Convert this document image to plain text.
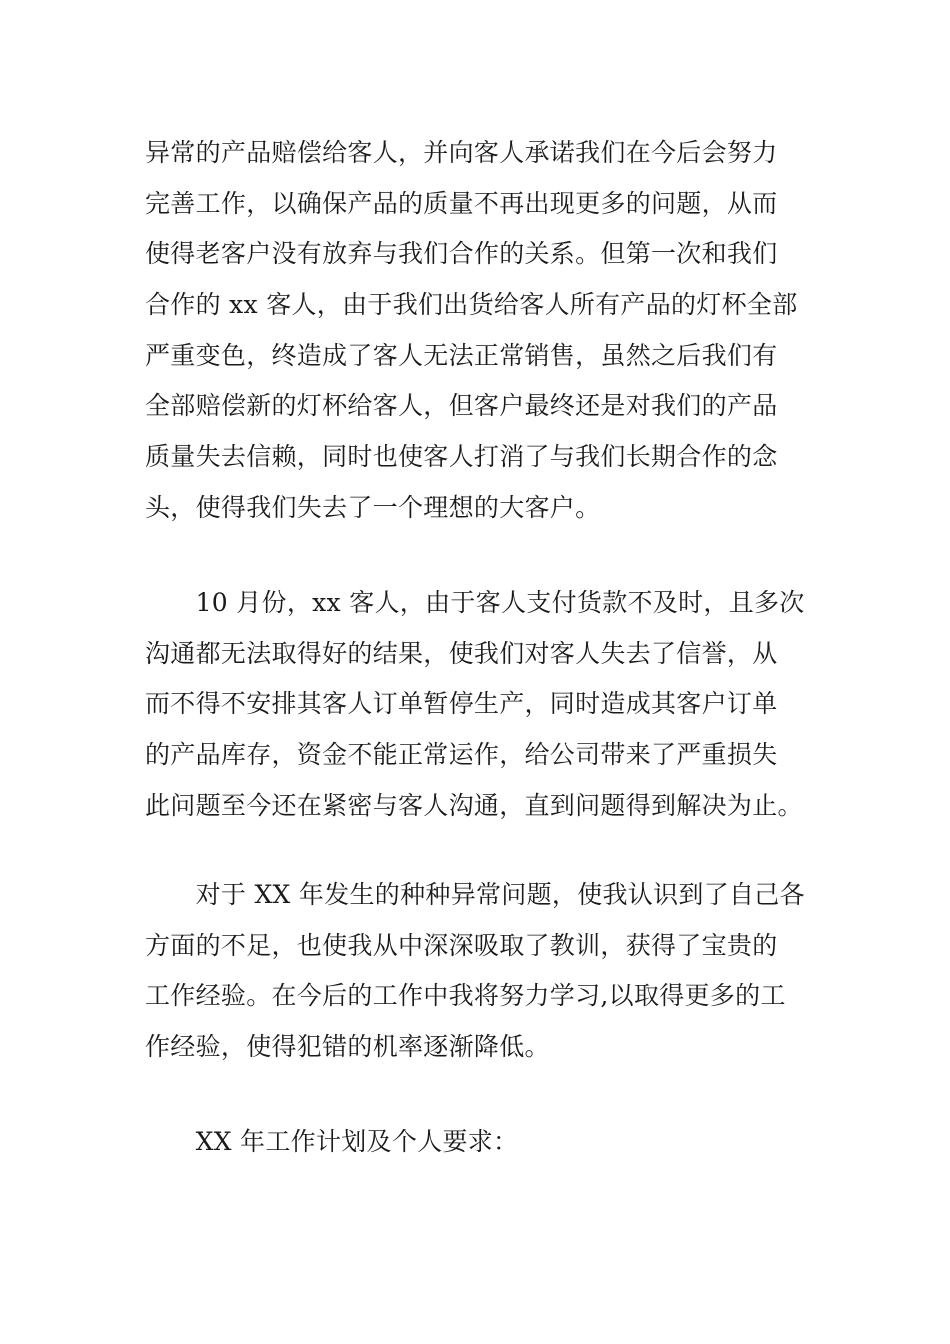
异常的产品赔偿给客人，并向客人承诺我们在今后会努力
完善工作，以确保产品的质量不再出现更多的问题，从而
使得老客户没有放弃与我们合作的关系。但第一次和我们
合作的 xx 客人，由于我们出货给客人所有产品的灯杯全部
严重变色，终造成了客人无法正常销售，虽然之后我们有
全部赔偿新的灯杯给客人，但客户最终还是对我们的产品
质量失去信赖，同时也使客人打消了与我们长期合作的念
头，使得我们失去了一个理想的大客户。
　　10 月份，xx 客人，由于客人支付货款不及时，且多次
沟通都无法取得好的结果，使我们对客人失去了信誉，从
而不得不安排其客人订单暂停生产，同时造成其客户订单
的产品库存，资金不能正常运作，给公司带来了严重损失
此问题至今还在紧密与客人沟通，直到问题得到解决为止。
　　对于 XX 年发生的种种异常问题，使我认识到了自己各
方面的不足，也使我从中深深吸取了教训，获得了宝贵的
工作经验。在今后的工作中我将努力学习,以取得更多的工
作经验，使得犯错的机率逐渐降低。
　　XX 年工作计划及个人要求：
